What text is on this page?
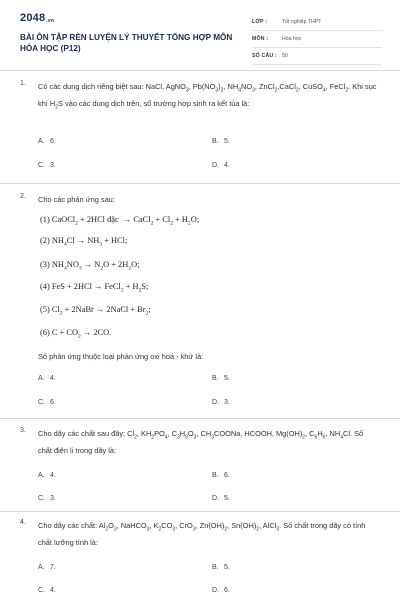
$2048_{.vn}$
BÀI ÔN TẬP RÈN LUYỆN LÝ THUYẾT TỔNG HỢP MÔN HÓA HỌC (P12)
LỚP :	Tốt nghiệp THPT
MÔN :	Hóa học
SỐ CÂU : 50
1. Có các dung dịch riêng biệt sau: NaCl, AgNO$_3$, $Pb(NO_3)_2$, $NH_4NO_3$, ZnCl$_2$,CaCl$_2$, CuSO$_4$, FeCl$_2$. Khi sục khí $H_2S$ vào các dung dịch trên, số trường hợp sinh ra kết tủa là:
A. 6.	B. 5.
C. 3.	D. 4.
2. Cho các phản ứng sau:
(1) CaOCl$_2$ + 2HCl đặc  → CaCl$_2$ + $Cl_2 + H_2O$;
(2) $NH_4Cl \to NH_3$ + HCl;
(3) $NH_4NO_3 \to N_2O + 2H_2O$;
(4) FeS + 2HCl → FeCl$_2$ + $H_2S$;
(5) $Cl_2$ + 2NaBr → 2NaCl + $Br_2$;
(6) $C + CO_2 \to 2CO$.
Số phản ứng thuộc loại phản ứng oxi hoá - khử là:
A. 4.	B. 5.
C. 6.	D. 3.
3. Cho dãy các chất sau đây: $Cl_2$, $KH_2PO_4$, $C_3H_8O_3$, $CH_3COONa$, HCOOH, $Mg(OH)_2$, $C_6H_6$, $NH_4Cl$. Số chất điện li trong dãy là:
A. 4.	B. 6.
C. 3.	D. 5.
4. Cho dãy các chất: $Al_2O_3$, NaHCO$_3$, $K_2CO_3$, CrO$_3$, $Zn(OH)_2$, $Sn(OH)_2$, AlCl$_3$. Số chất trong dãy có tính chất lưỡng tính là:
A. 7.	B. 5.
C. 4.	D. 6.
